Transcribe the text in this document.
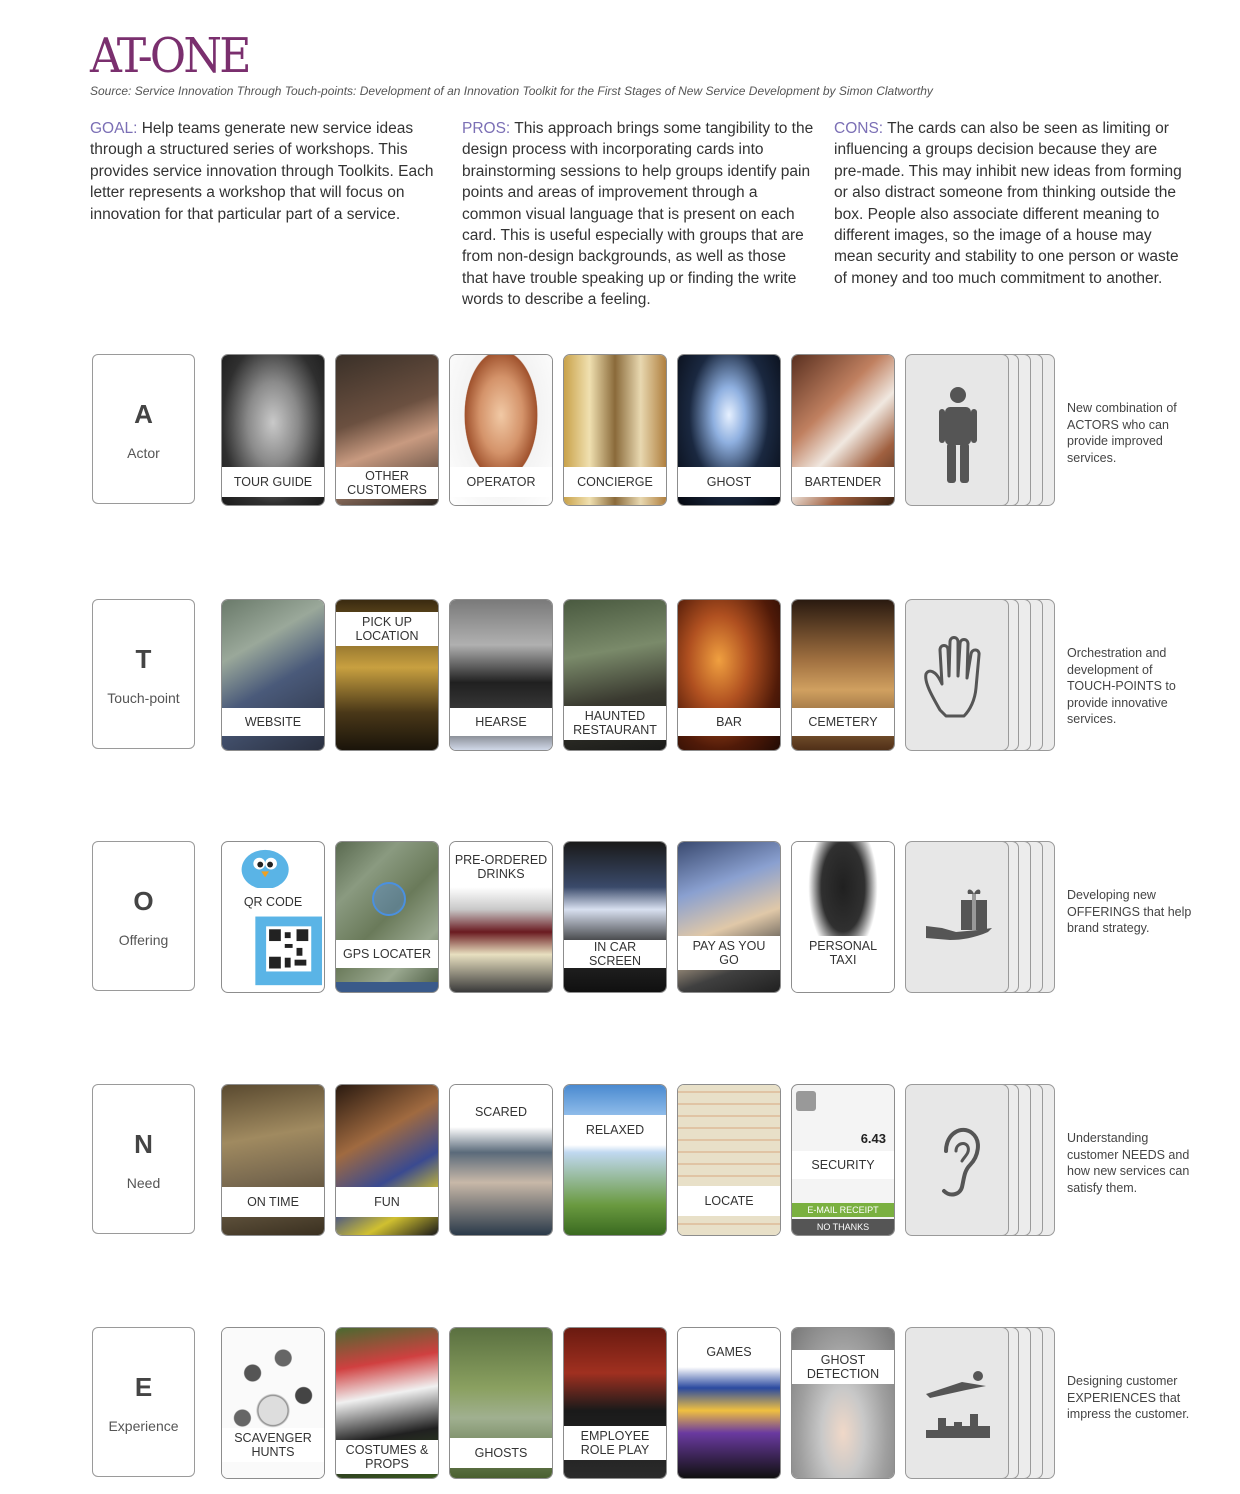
AT-ONE
Source: Service Innovation Through Touch-points: Development of an Innovation Toolkit for the First Stages of New Service Development by Simon Clatworthy
GOAL: Help teams generate new service ideas through a structured series of workshops. This provides service innovation through Toolkits. Each letter represents a workshop that will focus on innovation for that particular part of a service.
PROS: This approach brings some tangibility to the design process with incorporating cards into brainstorming sessions to help groups identify pain points and areas of improvement through a common visual language that is present on each card. This is useful especially with groups that are from non-design backgrounds, as well as those that have trouble speaking up or finding the write words to describe a feeling.
CONS: The cards can also be seen as limiting or influencing a groups decision because they are pre-made. This may inhibit new ideas from forming or also distract someone from thinking outside the box. People also associate different meaning to different images, so the image of a house may mean security and stability to one person or waste of money and too much commitment to another.
A
Actor
TOUR GUIDE	OTHER CUSTOMERS
OPERATOR	CONCIERGE	GHOST	BARTENDER
New combination of ACTORS who can provide improved services.
T
Touch-point
WEBSITE
PICK UP LOCATION
HEARSE	HAUNTED RESTAURANT
BAR	CEMETERY
Orchestration and development of TOUCH-POINTS to provide innovative services.
O
Offering
QR CODE
GPS LOCATER
PRE-ORDERED DRINKS
IN CAR SCREEN
PAY AS YOU GO
PERSONAL TAXI
Developing new OFFERINGS that help brand strategy.
N
Need
ON TIME	FUN
SCARED
RELAXED
LOCATE
6.43
SECURITY
E-MAIL RECEIPT
NO THANKS
Understanding customer NEEDS and how new services can satisfy them.
E
Experience
SCAVENGER HUNTS	COSTUMES & PROPS
GHOSTS
EMPLOYEE ROLE PLAY
GAMES
GHOST DETECTION	Designing customer EXPERIENCES that impress the customer.
